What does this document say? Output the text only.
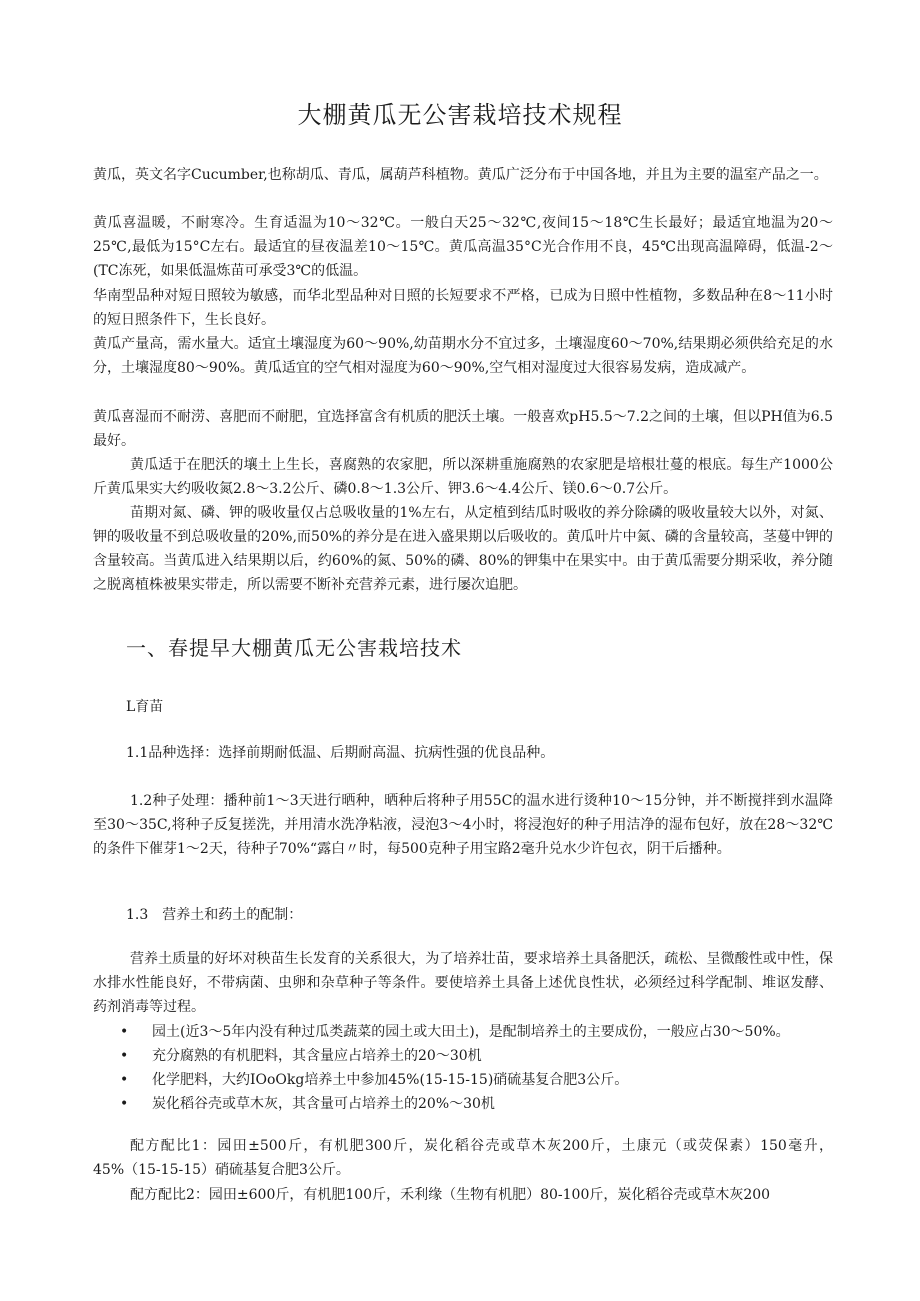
大棚黄瓜无公害栽培技术规程

黄瓜，英文名字Cucumber,也称胡瓜、青瓜，属葫芦科植物。黄瓜广泛分布于中国各地，并且为主要的温室产品之一。

黄瓜喜温暖，不耐寒冷。生育适温为10～32℃。一般白天25～32℃,夜间15～18℃生长最好；最适宜地温为20～25℃,最低为15°C左右。最适宜的昼夜温差10～15℃。黄瓜高温35°C光合作用不良，45℃出现高温障碍，低温-2～(TC冻死，如果低温炼苗可承受3℃的低温。

华南型品种对短日照较为敏感，而华北型品种对日照的长短要求不严格，已成为日照中性植物，多数品种在8～11小时的短日照条件下，生长良好。

黄瓜产量高，需水量大。适宜土壤湿度为60～90%,幼苗期水分不宜过多，土壤湿度60～70%,结果期必须供给充足的水分，土壤湿度80～90%。黄瓜适宜的空气相对湿度为60～90%,空气相对湿度过大很容易发病，造成减产。

黄瓜喜湿而不耐涝、喜肥而不耐肥，宜选择富含有机质的肥沃土壤。一般喜欢pH5.5～7.2之间的土壤，但以PH值为6.5最好。

黄瓜适于在肥沃的壤土上生长，喜腐熟的农家肥，所以深耕重施腐熟的农家肥是培根壮蔓的根底。每生产1000公斤黄瓜果实大约吸收氮2.8～3.2公斤、磷0.8～1.3公斤、钾3.6～4.4公斤、镁0.6～0.7公斤。

苗期对氮、磷、钾的吸收量仅占总吸收量的1%左右，从定植到结瓜时吸收的养分除磷的吸收量较大以外，对氮、钾的吸收量不到总吸收量的20%,而50%的养分是在进入盛果期以后吸收的。黄瓜叶片中氮、磷的含量较高，茎蔓中钾的含量较高。当黄瓜进入结果期以后，约60%的氮、50%的磷、80%的钾集中在果实中。由于黄瓜需要分期采收，养分随之脱离植株被果实带走，所以需要不断补充营养元素，进行屡次追肥。

一、春提早大棚黄瓜无公害栽培技术
L育苗
1.1品种选择：选择前期耐低温、后期耐高温、抗病性强的优良品种。

1.2种子处理：播种前1～3天进行晒种，晒种后将种子用55C的温水进行烫种10～15分钟，并不断搅拌到水温降至30～35C,将种子反复搓洗，并用清水洗净粘液，浸泡3～4小时，将浸泡好的种子用洁净的湿布包好，放在28～32℃的条件下催芽1～2天，待种子70%“露白〃时，每500克种子用宝路2毫升兑水少许包衣，阴干后播种。

1.3　营养土和药土的配制：

营养土质量的好坏对秧苗生长发育的关系很大，为了培养壮苗，要求培养土具备肥沃，疏松、呈微酸性或中性，保水排水性能良好，不带病菌、虫卵和杂草种子等条件。要使培养土具备上述优良性状，必须经过科学配制、堆讴发酵、药剂消毒等过程。

• 园土(近3～5年内没有种过瓜类蔬菜的园土或大田土)，是配制培养土的主要成份，一般应占30～50%。
• 充分腐熟的有机肥料，其含量应占培养土的20～30机
• 化学肥料，大约IOoOkg培养土中参加45%(15-15-15)硝硫基复合肥3公斤。
• 炭化稻谷壳或草木灰，其含量可占培养土的20%～30机

配方配比1：园田±500斤，有机肥300斤，炭化稻谷壳或草木灰200斤，土康元（或荧保素）150毫升，45%（15-15-15）硝硫基复合肥3公斤。

配方配比2：园田±600斤，有机肥100斤，禾利缘（生物有机肥）80-100斤，炭化稻谷壳或草木灰200
